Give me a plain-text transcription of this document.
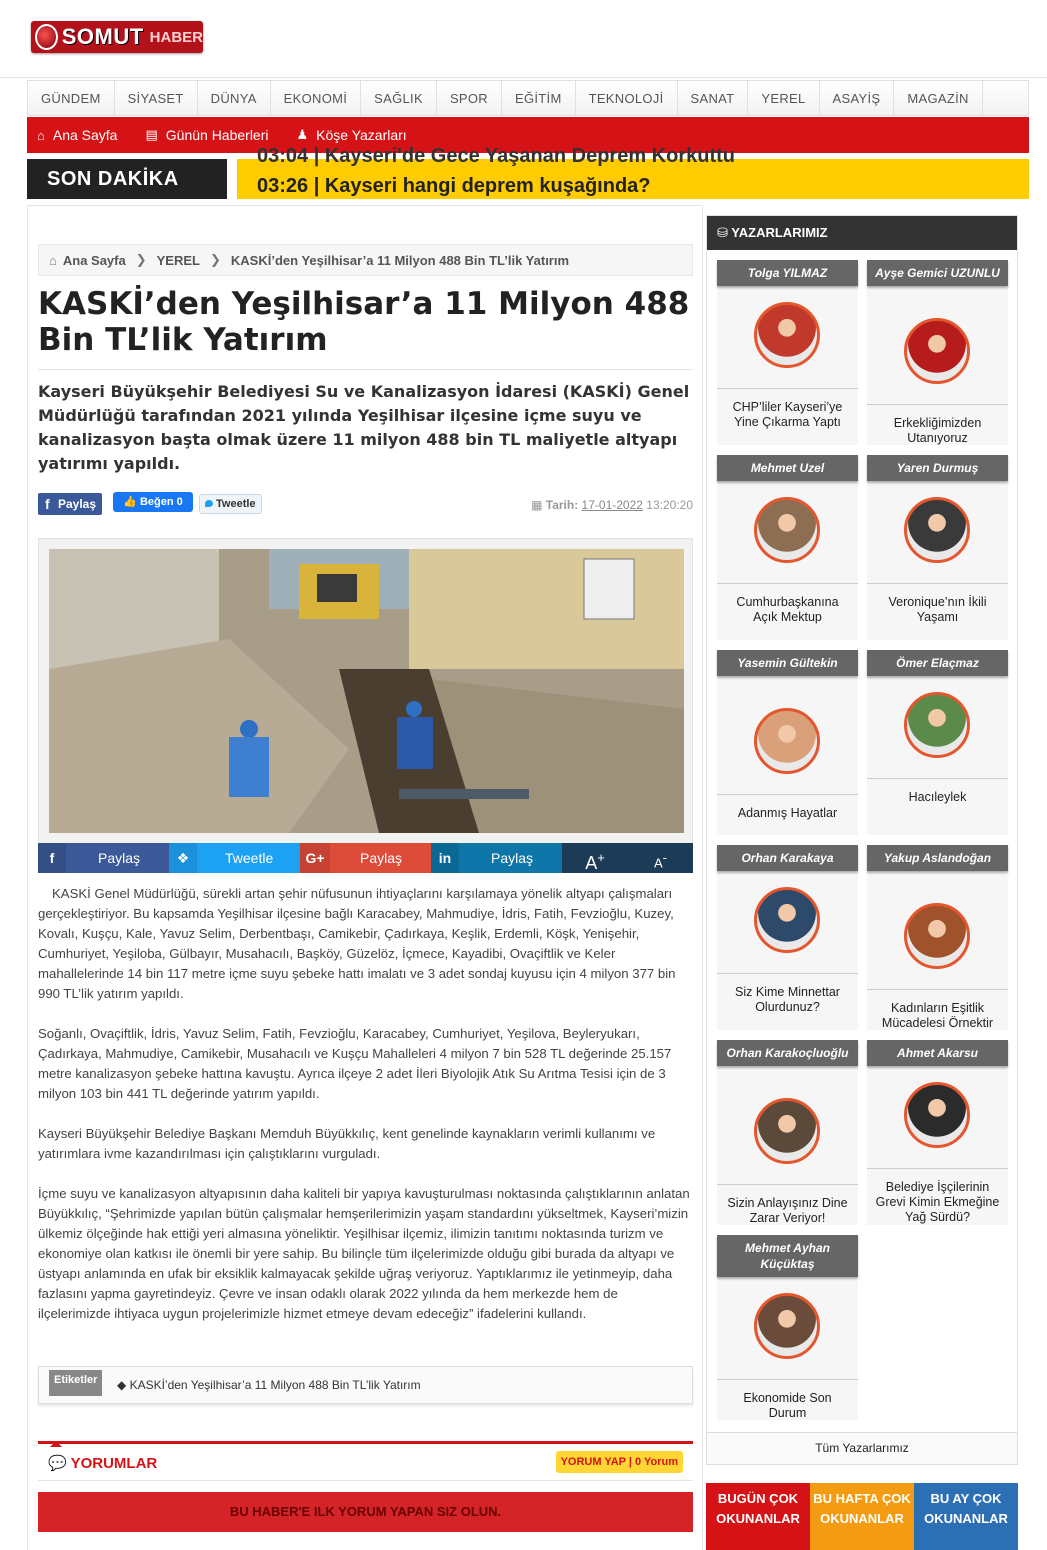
SOMUT HABER
GÜNDEM	SİYASET	DÜNYA	EKONOMİ	SAĞLIK	SPOR	EĞİTİM	TEKNOLOJİ	SANAT	YEREL	ASAYİŞ	MAGAZİN
⌂ Ana Sayfa ▤ Günün Haberleri ♟ Köşe Yazarları
SON DAKİKA
03:04 | Kayseri'de Gece Yaşanan Deprem Korkuttu
03:26 | Kayseri hangi deprem kuşağında?
⌂ Ana Sayfa ❯ YEREL ❯ KASKİ’den Yeşilhisar’a 11 Milyon 488 Bin TL’lik Yatırım
KASKİ’den Yeşilhisar’a 11 Milyon 488 Bin TL’lik Yatırım
Kayseri Büyükşehir Belediyesi Su ve Kanalizasyon İdaresi (KASKİ) Genel Müdürlüğü tarafından 2021 yılında Yeşilhisar ilçesine içme suyu ve kanalizasyon başta olmak üzere 11 milyon 488 bin TL maliyetle altyapı yatırımı yapıldı.
f Paylaş	👍 Beğen 0	Tweetle	▦ Tarih: 17-01-2022 13:20:20
f	Paylaş	❖	Tweetle	G+	Paylaş	in	Paylaş	A+	A-

KASKİ Genel Müdürlüğü, sürekli artan şehir nüfusunun ihtiyaçlarını karşılamaya yönelik altyapı çalışmaları gerçekleştiriyor. Bu kapsamda Yeşilhisar ilçesine bağlı Karacabey, Mahmudiye, İdris, Fatih, Fevzioğlu, Kuzey, Kovalı, Kuşçu, Kale, Yavuz Selim, Derbentbaşı, Camikebir, Çadırkaya, Keşlik, Erdemli, Köşk, Yenişehir, Cumhuriyet, Yeşiloba, Gülbayır, Musahacılı, Başköy, Güzelöz, İçmece, Kayadibi, Ovaçiftlik ve Keler mahallelerinde 14 bin 117 metre içme suyu şebeke hattı imalatı ve 3 adet sondaj kuyusu için 4 milyon 377 bin 990 TL’lik yatırım yapıldı.

Soğanlı, Ovaçiftlik, İdris, Yavuz Selim, Fatih, Fevzioğlu, Karacabey, Cumhuriyet, Yeşilova, Beyleryukarı, Çadırkaya, Mahmudiye, Camikebir, Musahacılı ve Kuşçu Mahalleleri 4 milyon 7 bin 528 TL değerinde 25.157 metre kanalizasyon şebeke hattına kavuştu. Ayrıca ilçeye 2 adet İleri Biyolojik Atık Su Arıtma Tesisi için de 3 milyon 103 bin 441 TL değerinde yatırım yapıldı.

Kayseri Büyükşehir Belediye Başkanı Memduh Büyükkılıç, kent genelinde kaynakların verimli kullanımı ve yatırımlara ivme kazandırılması için çalıştıklarını vurguladı.

İçme suyu ve kanalizasyon altyapısının daha kaliteli bir yapıya kavuşturulması noktasında çalıştıklarının anlatan Büyükkılıç, “Şehrimizde yapılan bütün çalışmalar hemşerilerimizin yaşam standardını yükseltmek, Kayseri’mizin ülkemiz ölçeğinde hak ettiği yeri almasına yöneliktir. Yeşilhisar ilçemiz, ilimizin tanıtımı noktasında turizm ve ekonomiye olan katkısı ile önemli bir yere sahip. Bu bilinçle tüm ilçelerimizde olduğu gibi burada da altyapı ve üstyapı anlamında en ufak bir eksiklik kalmayacak şekilde uğraş veriyoruz. Yaptıklarımız ile yetinmeyip, daha fazlasını yapma gayretindeyiz. Çevre ve insan odaklı olarak 2022 yılında da hem merkezde hem de ilçelerimizde ihtiyaca uygun projelerimizle hizmet etmeye devam edeceğiz” ifadelerini kullandı.

Etiketler	◆ KASKİ’den Yeşilhisar’a 11 Milyon 488 Bin TL’lik Yatırım
💬 YORUMLAR	YORUM YAP | 0 Yorum
BU HABER'E ILK YORUM YAPAN SIZ OLUN.
⛁ YAZARLARIMIZ
Tolga YILMAZ
CHP’liler Kayseri’ye Yine Çıkarma Yaptı
Ayşe Gemici UZUNLU
Erkekliğimizden Utanıyoruz
Mehmet Uzel
Cumhurbaşkanına Açık Mektup
Yaren Durmuş
Veronique’nın İkili Yaşamı
Yasemin Gültekin
Adanmış Hayatlar
Ömer Elaçmaz
Hacıleylek
Orhan Karakaya
Siz Kime Minnettar Olurdunuz?
Yakup Aslandoğan
Kadınların Eşitlik Mücadelesi Örnektir
Orhan Karakoçluoğlu
Sizin Anlayışınız Dine Zarar Veriyor!
Ahmet Akarsu
Belediye İşçilerinin Grevi Kimin Ekmeğine Yağ Sürdü?
Mehmet Ayhan Küçüktaş
Ekonomide Son Durum
Tüm Yazarlarımız
BUGÜN ÇOK OKUNANLAR
BU HAFTA ÇOK OKUNANLAR
BU AY ÇOK OKUNANLAR
